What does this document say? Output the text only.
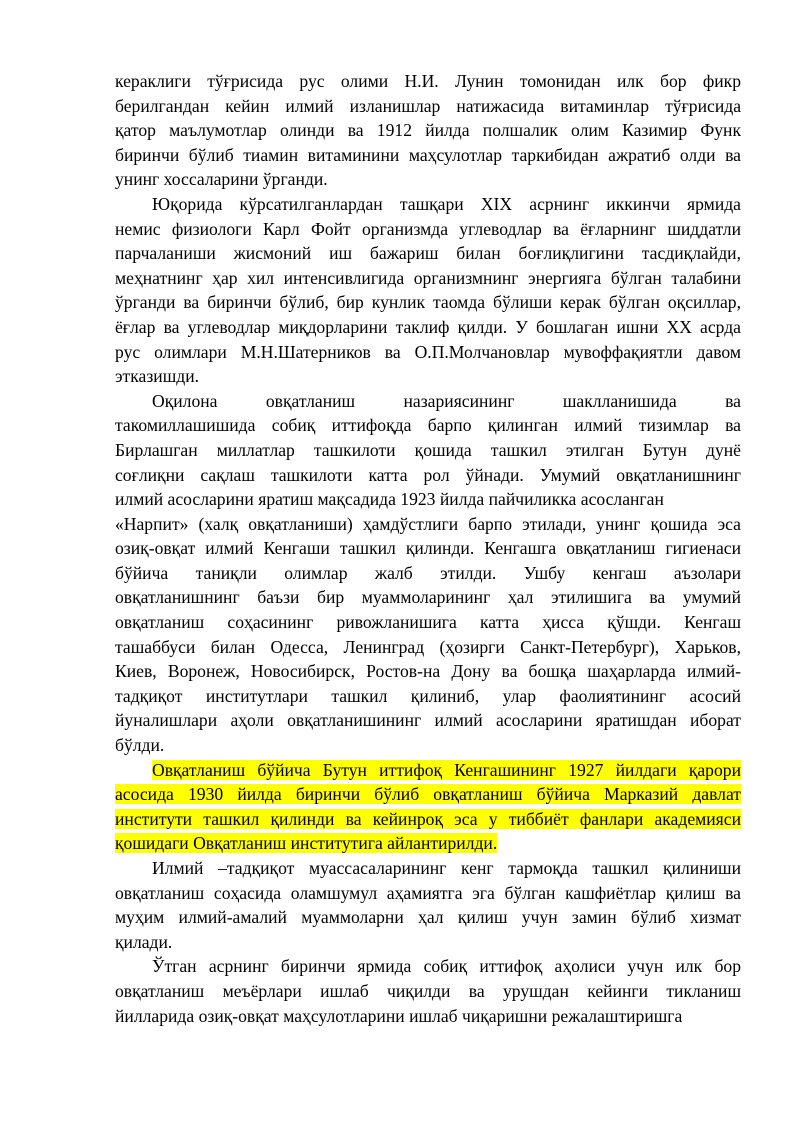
кераклиги тўғрисида рус олими Н.И. Лунин томонидан илк бор фикр
берилгандан кейин илмий изланишлар натижасида витаминлар тўғрисида
қатор маълумотлар олинди ва 1912 йилда полшалик олим Казимир Функ
биринчи бўлиб тиамин витаминини маҳсулотлар таркибидан ажратиб олди ва
унинг хоссаларини ўрганди.
Юқорида кўрсатилганлардан ташқари XIX асрнинг иккинчи ярмида
немис физиологи Карл Фойт организмда углеводлар ва ёғларнинг шиддатли
парчаланиши жисмоний иш бажариш билан боғлиқлигини тасдиқлайди,
меҳнатнинг ҳар хил интенсивлигида организмнинг энергияга бўлган талабини
ўрганди ва биринчи бўлиб, бир кунлик таомда бўлиши керак бўлган оқсиллар,
ёғлар ва углеводлар миқдорларини таклиф қилди. У бошлаган ишни XX асрда
рус олимлари М.Н.Шатерников ва О.П.Молчановлар мувоффақиятли давом
этказишди.
Оқилона овқатланиш назариясининг шаклланишида ва
такомиллашишида собиқ иттифоқда барпо қилинган илмий тизимлар ва
Бирлашган миллатлар ташкилоти қошида ташкил этилган Бутун дунё
соғлиқни сақлаш ташкилоти катта рол ўйнади. Умумий овқатланишнинг
илмий асосларини яратиш мақсадида 1923 йилда пайчиликка асосланган
«Нарпит» (халқ овқатланиши) ҳамдўстлиги барпо этилади, унинг қошида эса
озиқ-овқат илмий Кенгаши ташкил қилинди. Кенгашга овқатланиш гигиенаси
бўйича таниқли олимлар жалб этилди. Ушбу кенгаш аъзолари
овқатланишнинг баъзи бир муаммоларининг ҳал этилишига ва умумий
овқатланиш соҳасининг ривожланишига катта ҳисса қўшди. Кенгаш
ташаббуси билан Одесса, Ленинград (ҳозирги Санкт-Петербург), Харьков,
Киев, Воронеж, Новосибирск, Ростов-на Дону ва бошқа шаҳарларда илмий-
тадқиқот институтлари ташкил қилиниб, улар фаолиятининг асосий
йуналишлари аҳоли овқатланишининг илмий асосларини яратишдан иборат
бўлди.
Овқатланиш бўйича Бутун иттифоқ Кенгашининг 1927 йилдаги қарори
асосида 1930 йилда биринчи бўлиб овқатланиш бўйича Марказий давлат
институти ташкил қилинди ва кейинроқ эса у тиббиёт фанлари академияси
қошидаги Овқатланиш институтига айлантирилди.
Илмий –тадқиқот муассасаларининг кенг тармоқда ташкил қилиниши
овқатланиш соҳасида оламшумул аҳамиятга эга бўлган кашфиётлар қилиш ва
муҳим илмий-амалий муаммоларни ҳал қилиш учун замин бўлиб хизмат
қилади.
Ўтган асрнинг биринчи ярмида собиқ иттифоқ аҳолиси учун илк бор
овқатланиш меъёрлари ишлаб чиқилди ва урушдан кейинги тикланиш
йилларида озиқ-овқат маҳсулотларини ишлаб чиқаришни режалаштиришга
